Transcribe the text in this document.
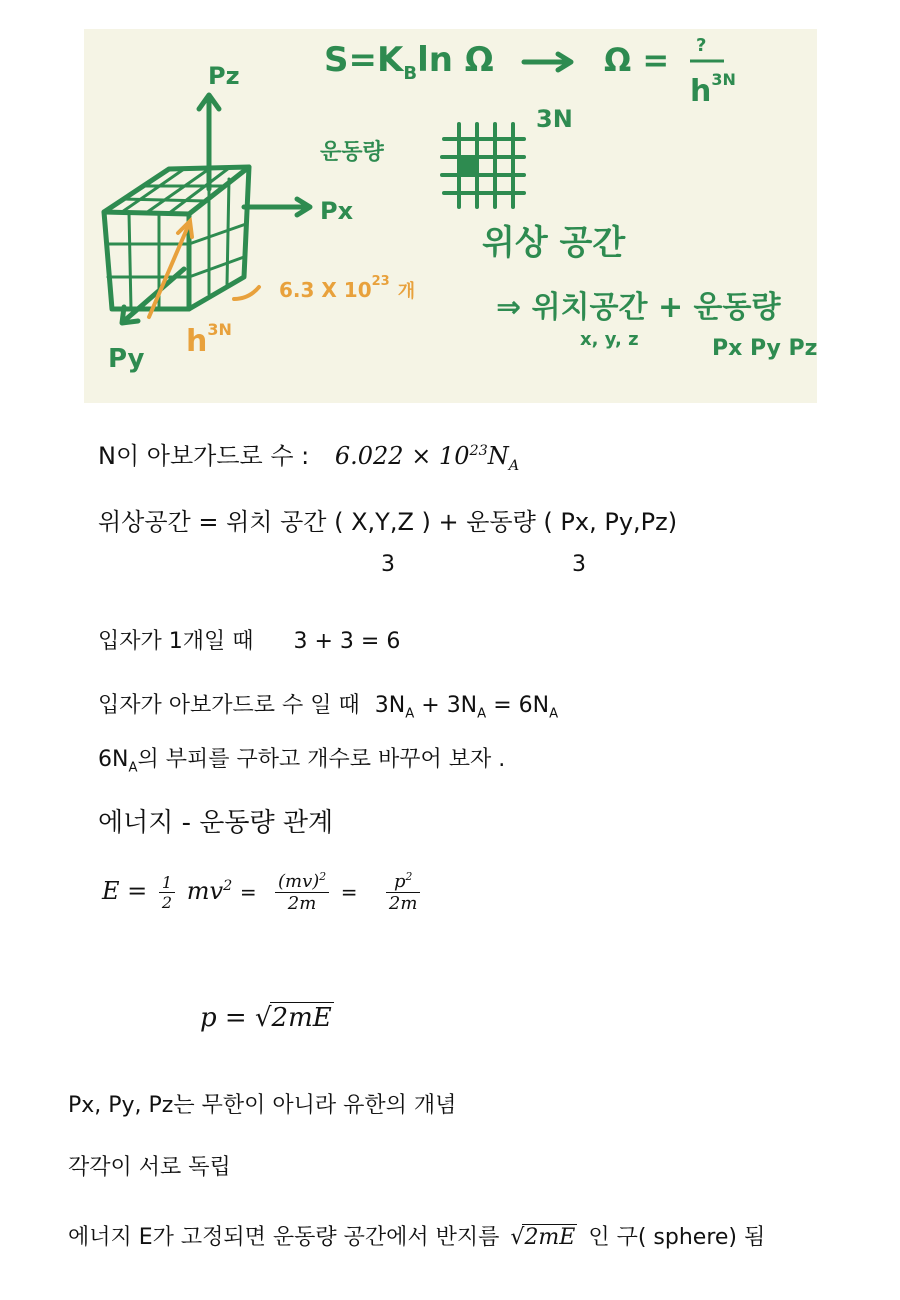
$S=K_B\ln$ Ω	Ω = ?
$h^{3N}$
3N
운동량
위상 공간
⇒ 위치공간 + 운동량
x, y, z	Px Py Pz
Pz
Px
Py $h^{3N}$
6.3 X $10^{23}$ 개
N이 아보가드로 수 : $6.022 \times 10^{23}N_A$
위상공간 = 위치 공간 ( X,Y,Z ) + 운동량 ( Px, Py,Pz)
3	3
입자가 1개일 때 3 + 3 = 6
입자가 아보가드로 수 일 때 $3N_A + 3N_A = 6N_A$
$6N_A$의 부피를 구하고 개수로 바꾸어 보자 .
에너지 - 운동량 관계
$E = \frac{1}{2} mv^2 = \frac{(mv)^2}{2m} = \frac{p^2}{2m}$
p = √2mE
Px, Py, Pz는 무한이 아니라 유한의 개념
각각이 서로 독립
에너지 E가 고정되면 운동량 공간에서 반지름 √2mE 인 구( sphere) 됨
